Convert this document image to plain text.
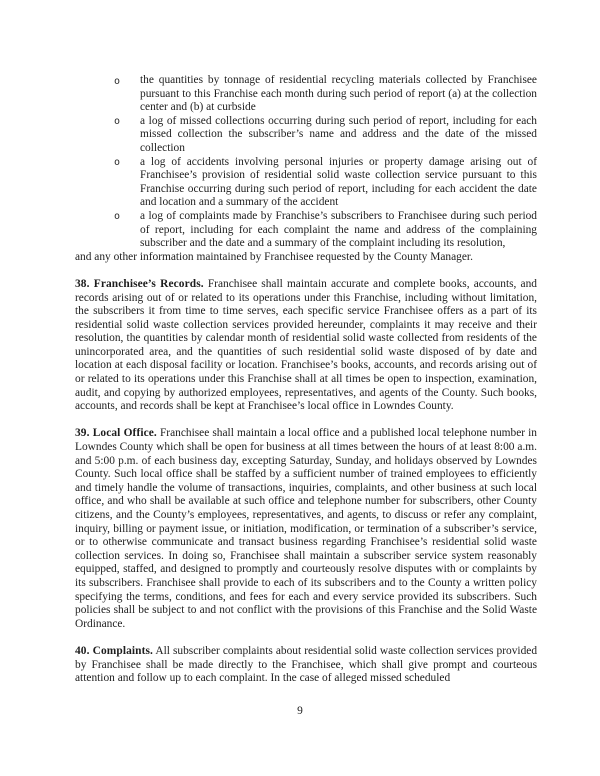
o the quantities by tonnage of residential recycling materials collected by Franchisee pursuant to this Franchise each month during such period of report (a) at the collection center and (b) at curbside
o a log of missed collections occurring during such period of report, including for each missed collection the subscriber’s name and address and the date of the missed collection
o a log of accidents involving personal injuries or property damage arising out of Franchisee’s provision of residential solid waste collection service pursuant to this Franchise occurring during such period of report, including for each accident the date and location and a summary of the accident
o a log of complaints made by Franchise’s subscribers to Franchisee during such period of report, including for each complaint the name and address of the complaining subscriber and the date and a summary of the complaint including its resolution,

and any other information maintained by Franchisee requested by the County Manager.

38. Franchisee’s Records. Franchisee shall maintain accurate and complete books, accounts, and records arising out of or related to its operations under this Franchise, including without limitation, the subscribers it from time to time serves, each specific service Franchisee offers as a part of its residential solid waste collection services provided hereunder, complaints it may receive and their resolution, the quantities by calendar month of residential solid waste collected from residents of the unincorporated area, and the quantities of such residential solid waste disposed of by date and location at each disposal facility or location. Franchisee’s books, accounts, and records arising out of or related to its operations under this Franchise shall at all times be open to inspection, examination, audit, and copying by authorized employees, representatives, and agents of the County. Such books, accounts, and records shall be kept at Franchisee’s local office in Lowndes County.

39. Local Office. Franchisee shall maintain a local office and a published local telephone number in Lowndes County which shall be open for business at all times between the hours of at least 8:00 a.m. and 5:00 p.m. of each business day, excepting Saturday, Sunday, and holidays observed by Lowndes County. Such local office shall be staffed by a sufficient number of trained employees to efficiently and timely handle the volume of transactions, inquiries, complaints, and other business at such local office, and who shall be available at such office and telephone number for subscribers, other County citizens, and the County’s employees, representatives, and agents, to discuss or refer any complaint, inquiry, billing or payment issue, or initiation, modification, or termination of a subscriber’s service, or to otherwise communicate and transact business regarding Franchisee’s residential solid waste collection services. In doing so, Franchisee shall maintain a subscriber service system reasonably equipped, staffed, and designed to promptly and courteously resolve disputes with or complaints by its subscribers. Franchisee shall provide to each of its subscribers and to the County a written policy specifying the terms, conditions, and fees for each and every service provided its subscribers. Such policies shall be subject to and not conflict with the provisions of this Franchise and the Solid Waste Ordinance.

40. Complaints. All subscriber complaints about residential solid waste collection services provided by Franchisee shall be made directly to the Franchisee, which shall give prompt and courteous attention and follow up to each complaint. In the case of alleged missed scheduled

9
